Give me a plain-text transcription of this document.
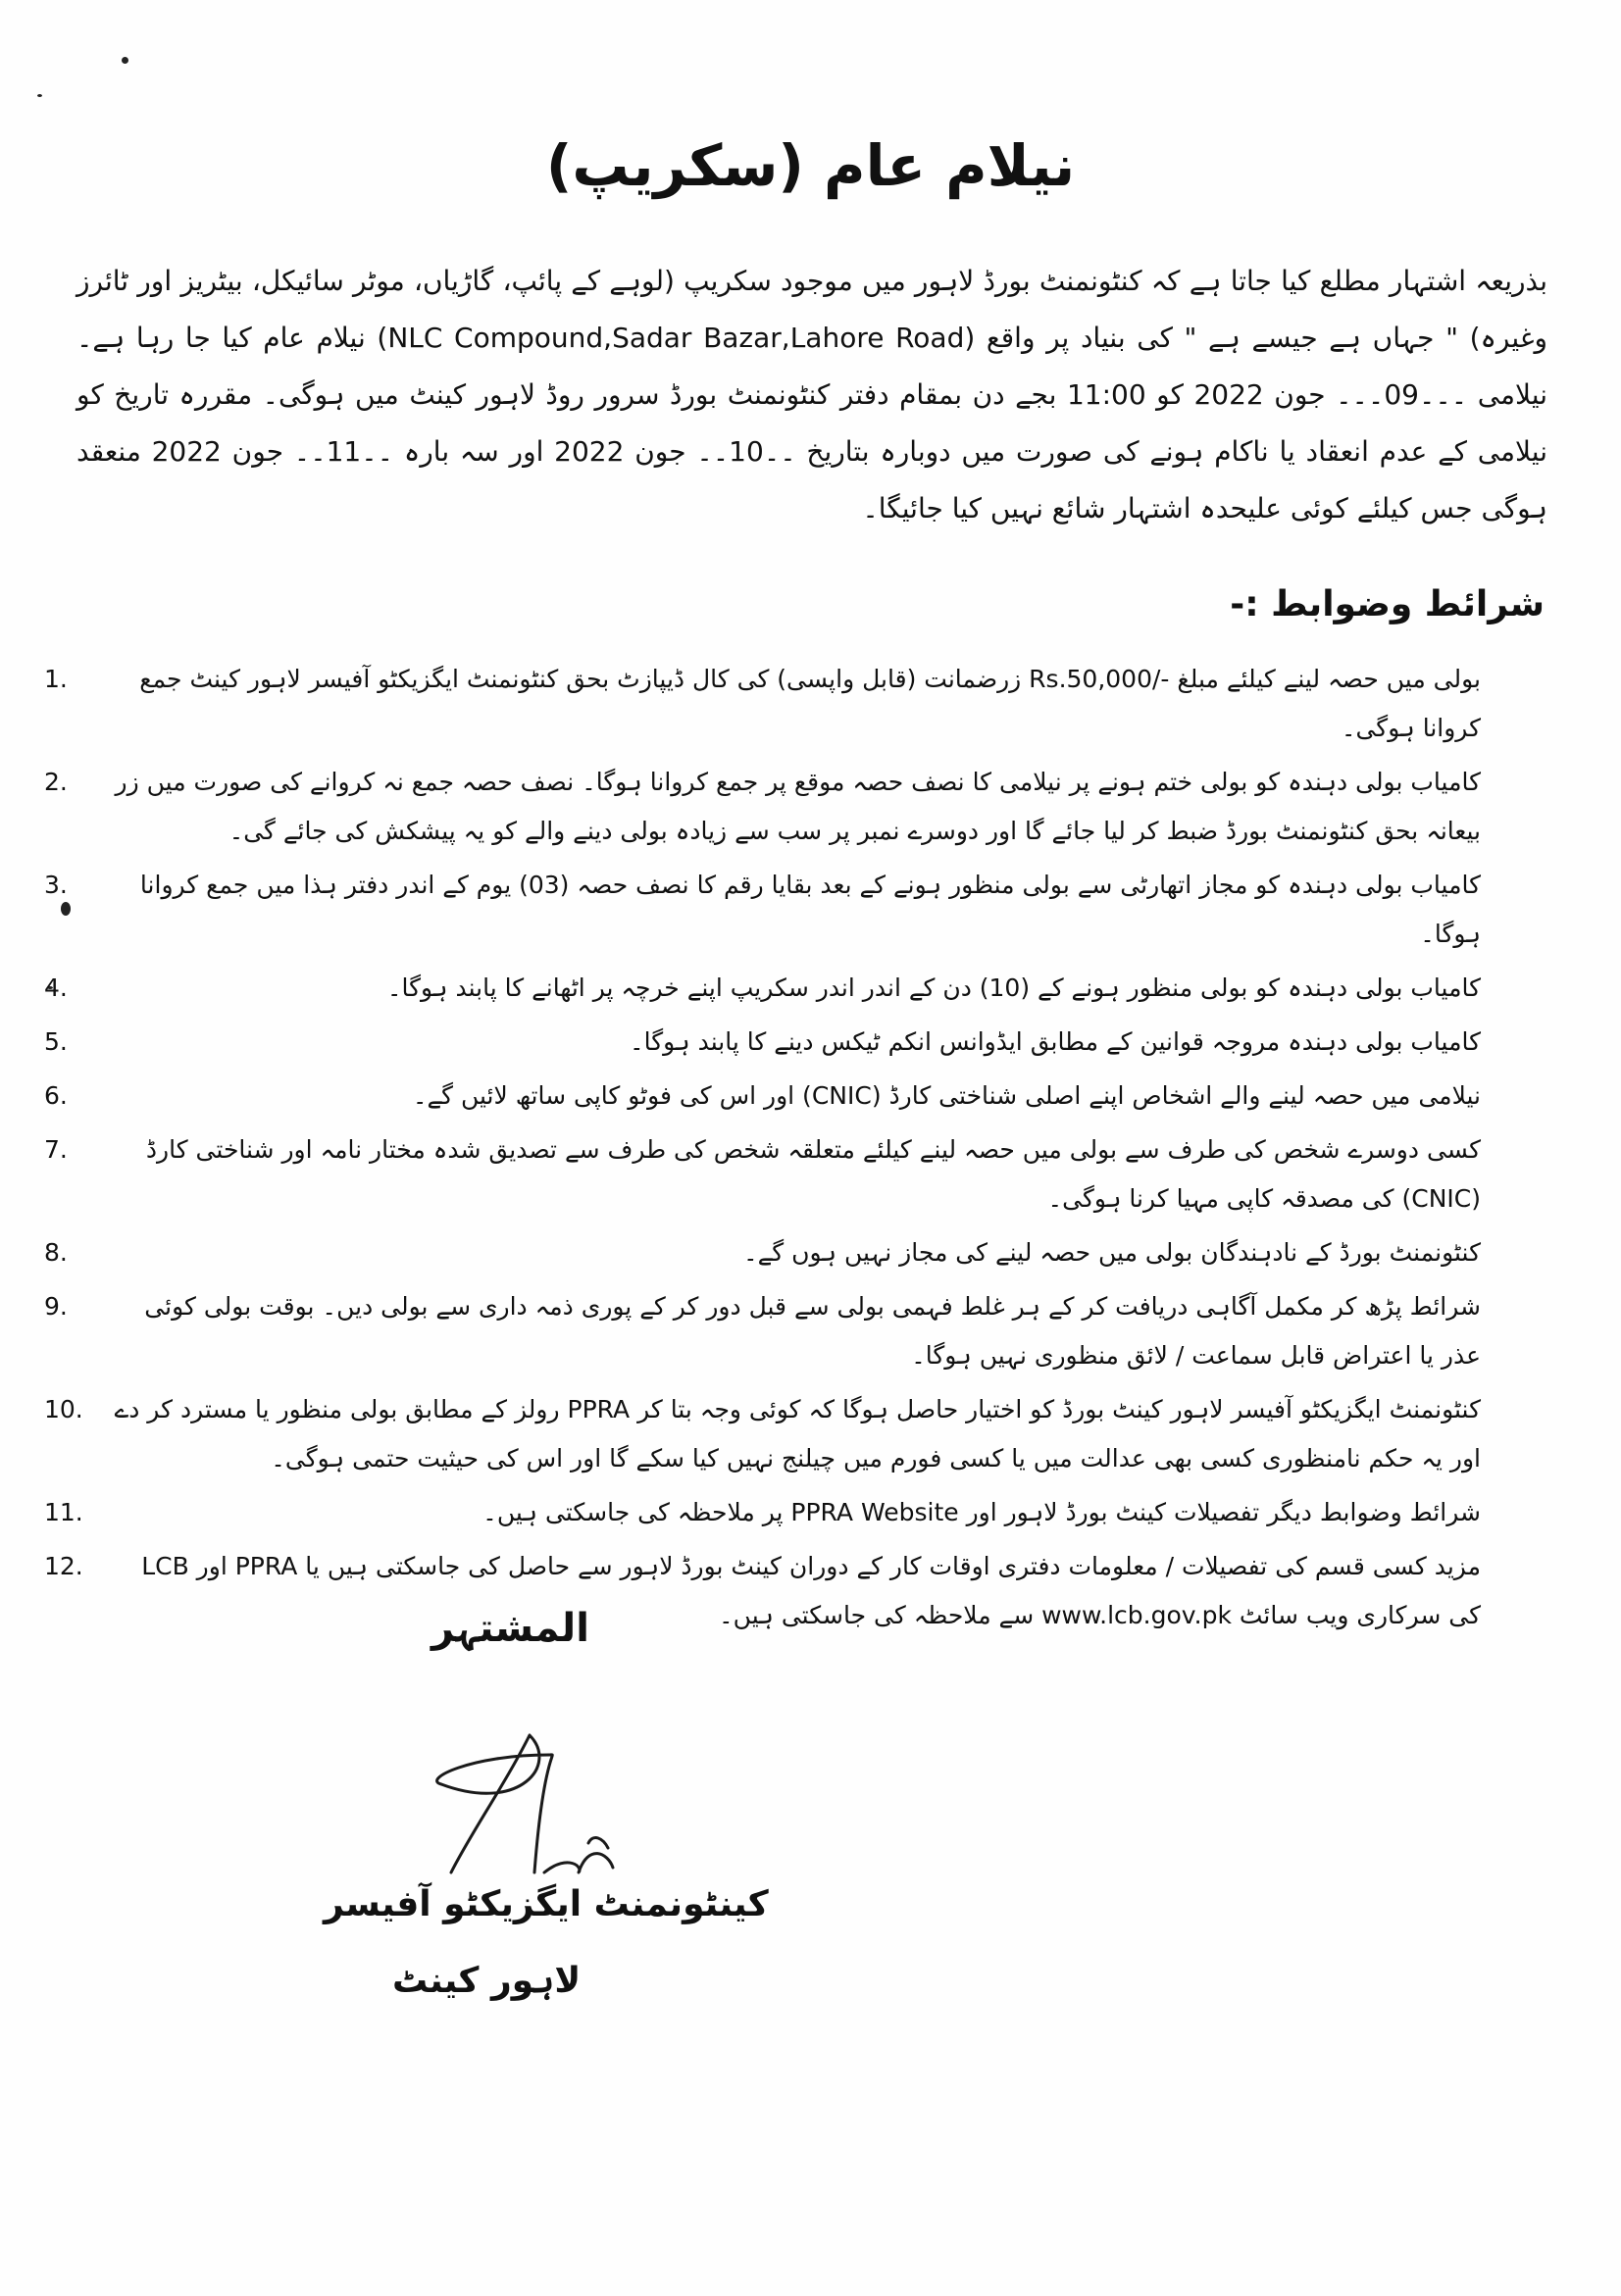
نیلام عام (سکریپ)

بذریعہ اشتہار مطلع کیا جاتا ہے کہ کنٹونمنٹ بورڈ لاہور میں موجود سکریپ (لوہے کے پائپ، گاڑیاں، موٹر سائیکل، بیٹریز اور ٹائرز وغیرہ) " جہاں ہے جیسے ہے " کی بنیاد پر واقع (NLC Compound,Sadar Bazar,Lahore Road) نیلام عام کیا جا رہا ہے۔ نیلامی ۔۔۔09۔۔۔ جون 2022 کو 11:00 بجے دن بمقام دفتر کنٹونمنٹ بورڈ سرور روڈ لاہور کینٹ میں ہوگی۔ مقررہ تاریخ کو نیلامی کے عدم انعقاد یا ناکام ہونے کی صورت میں دوبارہ بتاریخ ۔۔10۔۔ جون 2022 اور سہ بارہ ۔۔11۔۔ جون 2022 منعقد ہوگی جس کیلئے کوئی علیحدہ اشتہار شائع نہیں کیا جائیگا۔

شرائط وضوابط :-
1.	بولی میں حصہ لینے کیلئے مبلغ -/Rs.50,000 زرضمانت (قابل واپسی) کی کال ڈیپازٹ بحق کنٹونمنٹ ایگزیکٹو آفیسر لاہور کینٹ جمع کروانا ہوگی۔
2.	کامیاب بولی دہندہ کو بولی ختم ہونے پر نیلامی کا نصف حصہ موقع پر جمع کروانا ہوگا۔ نصف حصہ جمع نہ کروانے کی صورت میں زر بیعانہ بحق کنٹونمنٹ بورڈ ضبط کر لیا جائے گا اور دوسرے نمبر پر سب سے زیادہ بولی دینے والے کو یہ پیشکش کی جائے گی۔
3.	کامیاب بولی دہندہ کو مجاز اتھارٹی سے بولی منظور ہونے کے بعد بقایا رقم کا نصف حصہ (03) یوم کے اندر دفتر ہذا میں جمع کروانا ہوگا۔
4.	کامیاب بولی دہندہ کو بولی منظور ہونے کے (10) دن کے اندر اندر سکریپ اپنے خرچہ پر اٹھانے کا پابند ہوگا۔
5.	کامیاب بولی دہندہ مروجہ قوانین کے مطابق ایڈوانس انکم ٹیکس دینے کا پابند ہوگا۔
6.	نیلامی میں حصہ لینے والے اشخاص اپنے اصلی شناختی کارڈ (CNIC) اور اس کی فوٹو کاپی ساتھ لائیں گے۔
7.	کسی دوسرے شخص کی طرف سے بولی میں حصہ لینے کیلئے متعلقہ شخص کی طرف سے تصدیق شدہ مختار نامہ اور شناختی کارڈ (CNIC) کی مصدقہ کاپی مہیا کرنا ہوگی۔
8.	کنٹونمنٹ بورڈ کے نادہندگان بولی میں حصہ لینے کی مجاز نہیں ہوں گے۔
9.	شرائط پڑھ کر مکمل آگاہی دریافت کر کے ہر غلط فہمی بولی سے قبل دور کر کے پوری ذمہ داری سے بولی دیں۔ بوقت بولی کوئی عذر یا اعتراض قابل سماعت / لائق منظوری نہیں ہوگا۔
10.	کنٹونمنٹ ایگزیکٹو آفیسر لاہور کینٹ بورڈ کو اختیار حاصل ہوگا کہ کوئی وجہ بتا کر PPRA رولز کے مطابق بولی منظور یا مسترد کر دے اور یہ حکم نامنظوری کسی بھی عدالت میں یا کسی فورم میں چیلنج نہیں کیا سکے گا اور اس کی حیثیت حتمی ہوگی۔
11.	شرائط وضوابط دیگر تفصیلات کینٹ بورڈ لاہور اور PPRA Website پر ملاحظہ کی جاسکتی ہیں۔
12.	مزید کسی قسم کی تفصیلات / معلومات دفتری اوقات کار کے دوران کینٹ بورڈ لاہور سے حاصل کی جاسکتی ہیں یا PPRA اور LCB کی سرکاری ویب سائٹ www.lcb.gov.pk سے ملاحظہ کی جاسکتی ہیں۔
المشتہر
کینٹونمنٹ ایگزیکٹو آفیسر
لاہور کینٹ
